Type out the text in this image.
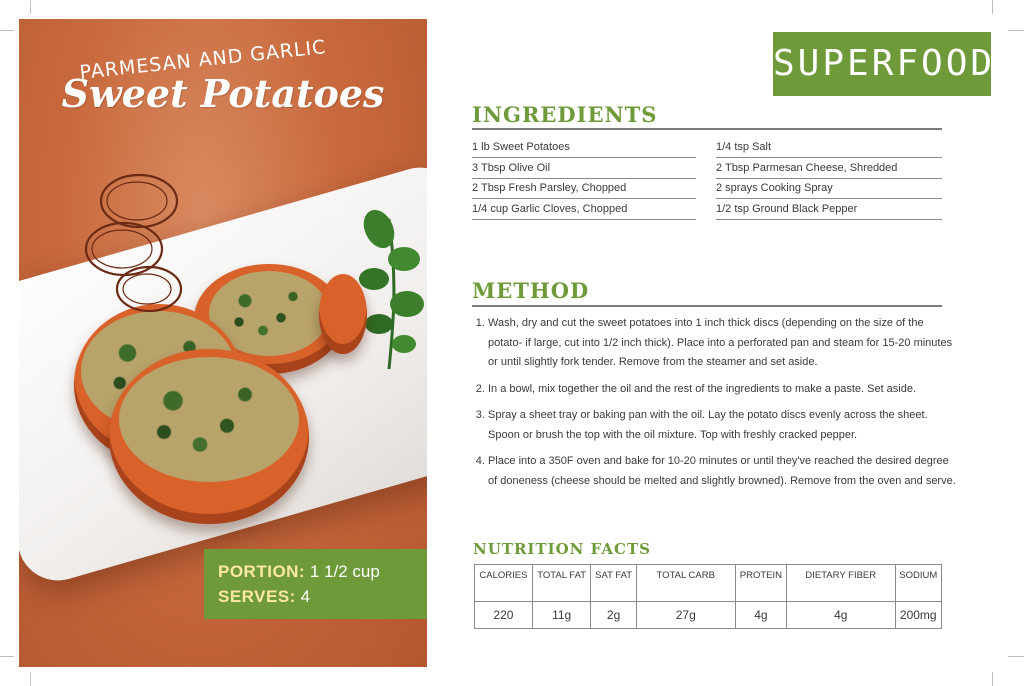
PARMESAN AND GARLIC
Sweet Potatoes
PORTION: 1 1/2 cup
SERVES: 4
SUPERFOOD
INGREDIENTS
1 lb Sweet Potatoes
3 Tbsp Olive Oil
2 Tbsp Fresh Parsley, Chopped
1/4 cup Garlic Cloves, Chopped
1/4 tsp Salt
2 Tbsp Parmesan Cheese, Shredded
2 sprays Cooking Spray
1/2 tsp Ground Black Pepper
METHOD
1. Wash, dry and cut the sweet potatoes into 1 inch thick discs (depending on the size of the potato- if large, cut into 1/2 inch thick). Place into a perforated pan and steam for 15-20 minutes or until slightly fork tender. Remove from the steamer and set aside.
2. In a bowl, mix together the oil and the rest of the ingredients to make a paste. Set aside.
3. Spray a sheet tray or baking pan with the oil. Lay the potato discs evenly across the sheet. Spoon or brush the top with the oil mixture. Top with freshly cracked pepper.
4. Place into a 350F oven and bake for 10-20 minutes or until they've reached the desired degree of doneness (cheese should be melted and slightly browned). Remove from the oven and serve.
NUTRITION FACTS
CALORIES	TOTAL FAT	SAT FAT	TOTAL CARB	PROTEIN	DIETARY FIBER	SODIUM
220	11g	2g	27g	4g	4g	200mg
